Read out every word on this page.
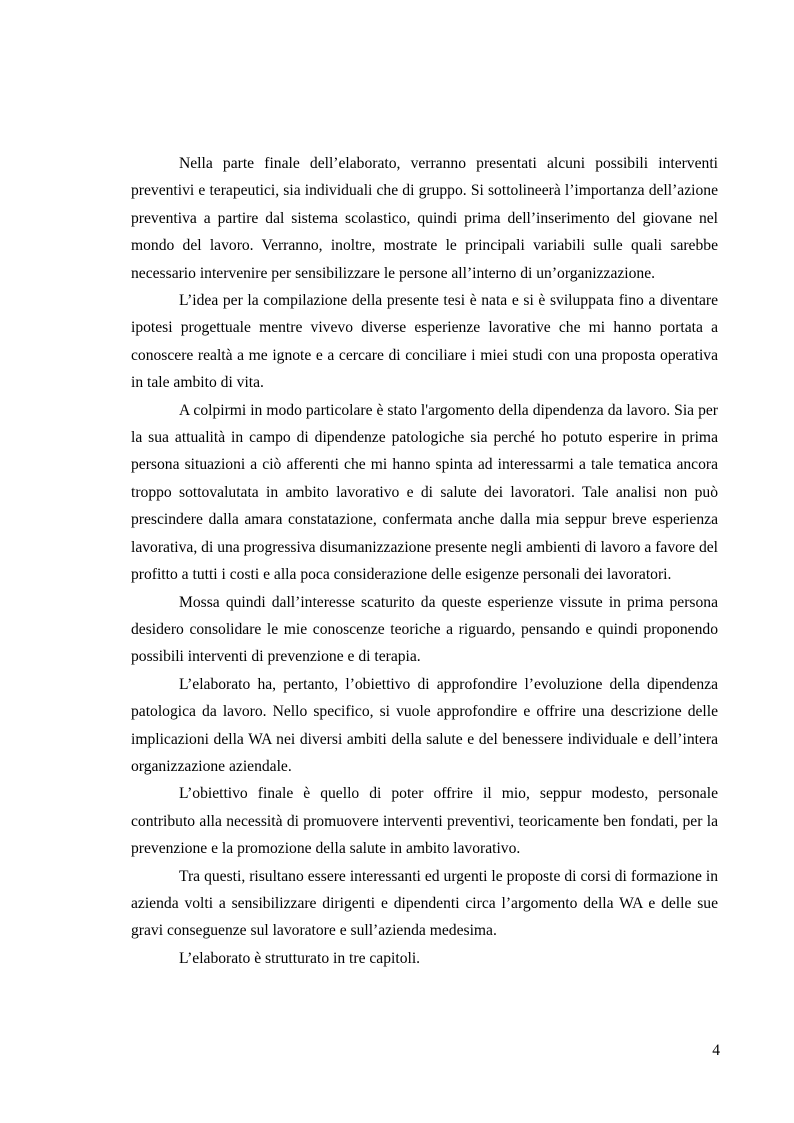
Nella parte finale dell’elaborato, verranno presentati alcuni possibili interventi preventivi e terapeutici, sia individuali che di gruppo. Si sottolineerà l’importanza dell’azione preventiva a partire dal sistema scolastico, quindi prima dell’inserimento del giovane nel mondo del lavoro. Verranno, inoltre, mostrate le principali variabili sulle quali sarebbe necessario intervenire per sensibilizzare le persone all’interno di un’organizzazione.

L’idea per la compilazione della presente tesi è nata e si è sviluppata fino a diventare ipotesi progettuale mentre vivevo diverse esperienze lavorative che mi hanno portata a conoscere realtà a me ignote e a cercare di conciliare i miei studi con una proposta operativa in tale ambito di vita.

A colpirmi in modo particolare è stato l'argomento della dipendenza da lavoro. Sia per la sua attualità in campo di dipendenze patologiche sia perché ho potuto esperire in prima persona situazioni a ciò afferenti che mi hanno spinta ad interessarmi a tale tematica ancora troppo sottovalutata in ambito lavorativo e di salute dei lavoratori. Tale analisi non può prescindere dalla amara constatazione, confermata anche dalla mia seppur breve esperienza lavorativa, di una progressiva disumanizzazione presente negli ambienti di lavoro a favore del profitto a tutti i costi e alla poca considerazione delle esigenze personali dei lavoratori.

Mossa quindi dall’interesse scaturito da queste esperienze vissute in prima persona desidero consolidare le mie conoscenze teoriche a riguardo, pensando e quindi proponendo possibili interventi di prevenzione e di terapia.

L’elaborato ha, pertanto, l’obiettivo di approfondire l’evoluzione della dipendenza patologica da lavoro. Nello specifico, si vuole approfondire e offrire una descrizione delle implicazioni della WA nei diversi ambiti della salute e del benessere individuale e dell’intera organizzazione aziendale.

L’obiettivo finale è quello di poter offrire il mio, seppur modesto, personale contributo alla necessità di promuovere interventi preventivi, teoricamente ben fondati, per la prevenzione e la promozione della salute in ambito lavorativo.

Tra questi, risultano essere interessanti ed urgenti le proposte di corsi di formazione in azienda volti a sensibilizzare dirigenti e dipendenti circa l’argomento della WA e delle sue gravi conseguenze sul lavoratore e sull’azienda medesima.

L’elaborato è strutturato in tre capitoli.

4
